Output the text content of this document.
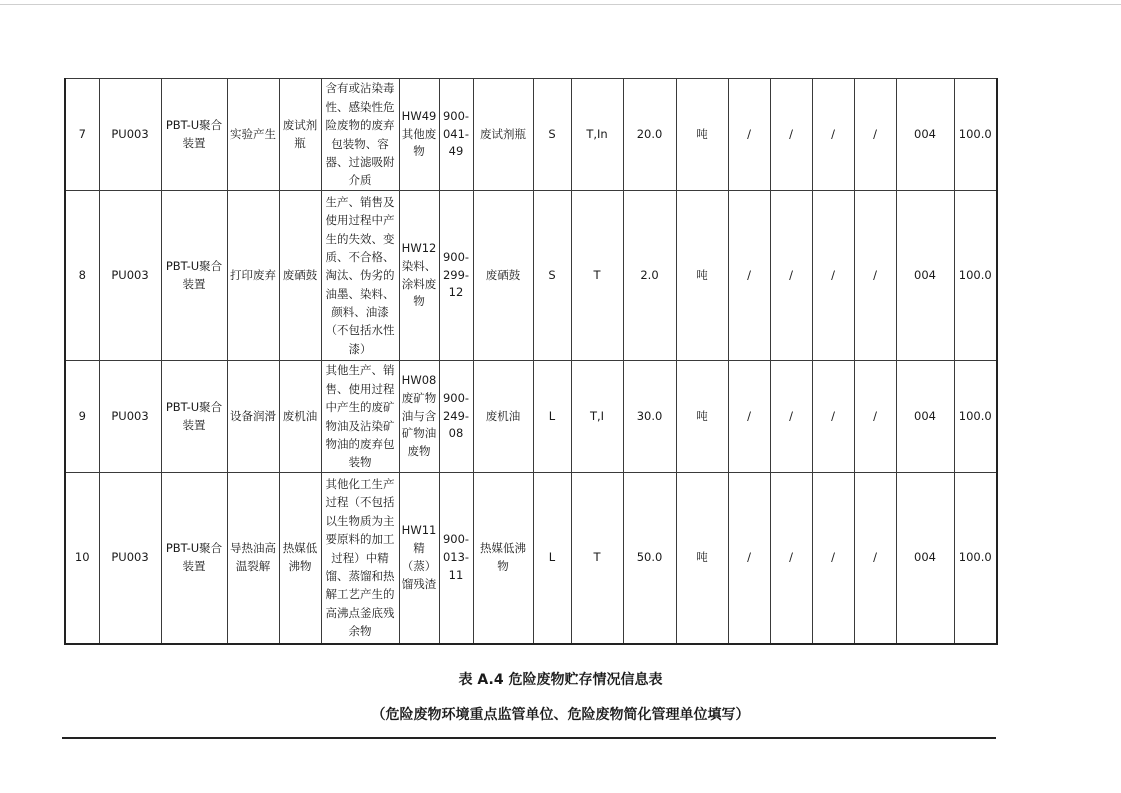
7	PU003	PBT-U聚合装置	实验产生	废试剂瓶	含有或沾染毒性、感染性危险废物的废弃包装物、容器、过滤吸附介质	HW49其他废物	900-041-49	废试剂瓶	S	T,In	20.0	吨	/	/	/	/	004	100.0
8	PU003	PBT-U聚合装置	打印废弃	废硒鼓	生产、销售及使用过程中产生的失效、变质、不合格、淘汰、伪劣的油墨、染料、颜料、油漆（不包括水性漆）	HW12染料、涂料废物	900-299-12	废硒鼓	S	T	2.0	吨	/	/	/	/	004	100.0
9	PU003	PBT-U聚合装置	设备润滑	废机油	其他生产、销售、使用过程中产生的废矿物油及沾染矿物油的废弃包装物	HW08废矿物油与含矿物油废物	900-249-08	废机油	L	T,I	30.0	吨	/	/	/	/	004	100.0
10	PU003	PBT-U聚合装置	导热油高温裂解	热媒低沸物	其他化工生产过程（不包括以生物质为主要原料的加工过程）中精馏、蒸馏和热解工艺产生的高沸点釜底残余物	HW11精（蒸）馏残渣	900-013-11	热媒低沸物	L	T	50.0	吨	/	/	/	/	004	100.0
表 A.4 危险废物贮存情况信息表
（危险废物环境重点监管单位、危险废物简化管理单位填写）
